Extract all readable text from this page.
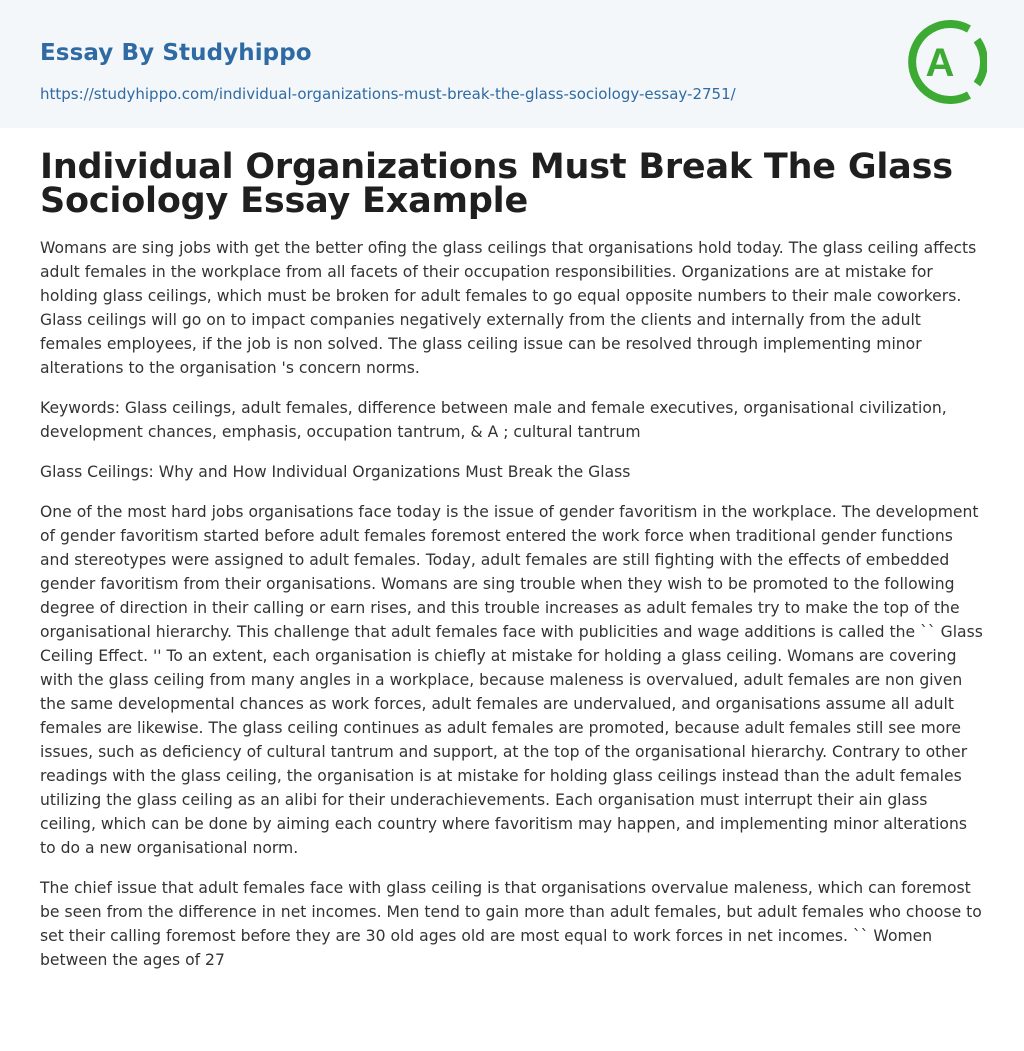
Essay By Studyhippo
https://studyhippo.com/individual-organizations-must-break-the-glass-sociology-essay-2751/
A
Individual Organizations Must Break The Glass Sociology Essay Example

Womans are sing jobs with get the better ofing the glass ceilings that organisations hold today. The glass ceiling affects adult females in the workplace from all facets of their occupation responsibilities. Organizations are at mistake for holding glass ceilings, which must be broken for adult females to go equal opposite numbers to their male coworkers. Glass ceilings will go on to impact companies negatively externally from the clients and internally from the adult females employees, if the job is non solved. The glass ceiling issue can be resolved through implementing minor alterations to the organisation 's concern norms.

Keywords: Glass ceilings, adult females, difference between male and female executives, organisational civilization, development chances, emphasis, occupation tantrum, & A ; cultural tantrum

Glass Ceilings: Why and How Individual Organizations Must Break the Glass

One of the most hard jobs organisations face today is the issue of gender favoritism in the workplace. The development of gender favoritism started before adult females foremost entered the work force when traditional gender functions and stereotypes were assigned to adult females. Today, adult females are still fighting with the effects of embedded gender favoritism from their organisations. Womans are sing trouble when they wish to be promoted to the following degree of direction in their calling or earn rises, and this trouble increases as adult females try to make the top of the organisational hierarchy. This challenge that adult females face with publicities and wage additions is called the `` Glass Ceiling Effect. '' To an extent, each organisation is chiefly at mistake for holding a glass ceiling. Womans are covering with the glass ceiling from many angles in a workplace, because maleness is overvalued, adult females are non given the same developmental chances as work forces, adult females are undervalued, and organisations assume all adult females are likewise. The glass ceiling continues as adult females are promoted, because adult females still see more issues, such as deficiency of cultural tantrum and support, at the top of the organisational hierarchy. Contrary to other readings with the glass ceiling, the organisation is at mistake for holding glass ceilings instead than the adult females utilizing the glass ceiling as an alibi for their underachievements. Each organisation must interrupt their ain glass ceiling, which can be done by aiming each country where favoritism may happen, and implementing minor alterations to do a new organisational norm.

The chief issue that adult females face with glass ceiling is that organisations overvalue maleness, which can foremost be seen from the difference in net incomes. Men tend to gain more than adult females, but adult females who choose to set their calling foremost before they are 30 old ages old are most equal to work forces in net incomes. `` Women between the ages of 27
